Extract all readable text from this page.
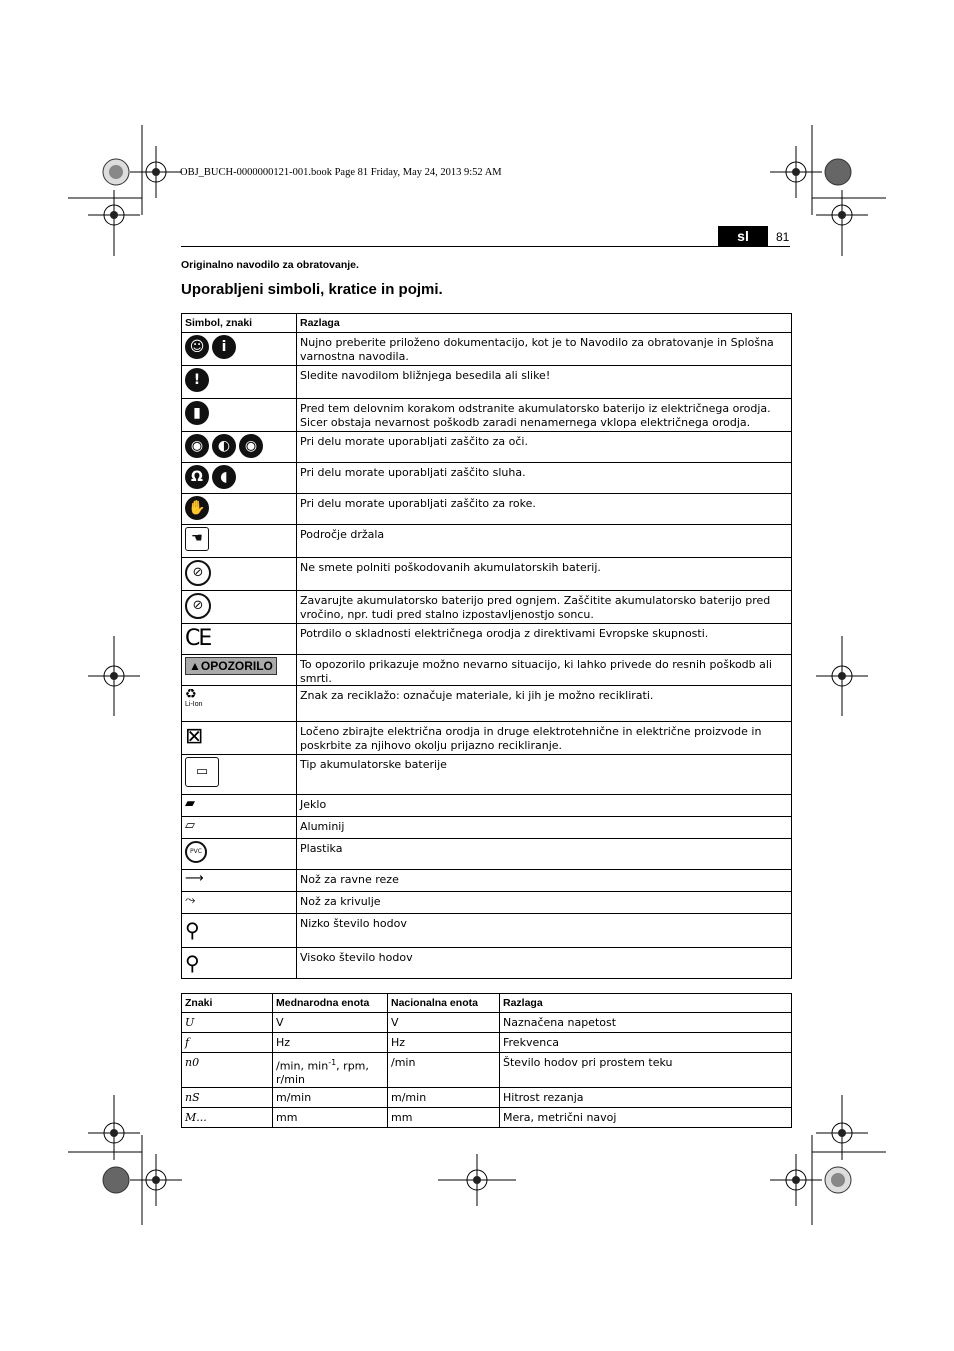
OBJ_BUCH-0000000121-001.book Page 81 Friday, May 24, 2013 9:52 AM
sl	81
Originalno navodilo za obratovanje.
Uporabljeni simboli, kratice in pojmi.
Simbol, znaki	Razlaga

☺ i	Nujno preberite priloženo dokumentacijo, kot je to Navodilo za obratovanje in Splošna varnostna navodila.

!	Sledite navodilom bližnjega besedila ali slike!

▮	Pred tem delovnim korakom odstranite akumulatorsko baterijo iz električnega orodja. Sicer obstaja nevarnost poškodb zaradi nenamernega vklopa električnega orodja.

◉ ◐ ◉	Pri delu morate uporabljati zaščito za oči.

Ω ◖	Pri delu morate uporabljati zaščito sluha.

✋	Pri delu morate uporabljati zaščito za roke.

☚	Področje držala

⊘	Ne smete polniti poškodovanih akumulatorskih baterij.

⊘	Zavarujte akumulatorsko baterijo pred ognjem. Zaščitite akumulatorsko baterijo pred vročino, npr. tudi pred stalno izpostavljenostjo soncu.
CE	Potrdilo o skladnosti električnega orodja z direktivami Evropske skupnosti.
▲OPOZORILO	To opozorilo prikazuje možno nevarno situacijo, ki lahko privede do resnih poškodb ali smrti.

♻
Li-Ion	Znak za reciklažo: označuje materiale, ki jih je možno reciklirati.
⊠	Ločeno zbirajte električna orodja in druge elektrotehnične in električne proizvode in poskrbite za njihovo okolju prijazno recikliranje.

▭	Tip akumulatorske baterije
▰	Jeklo
▱	Aluminij

PVC	Plastika
⟶	Nož za ravne reze
⤳	Nož za krivulje
⚲	Nizko število hodov
⚲	Visoko število hodov
Znaki	Mednarodna enota	Nacionalna enota	Razlaga
U	V	V	Naznačena napetost
f	Hz	Hz	Frekvenca
n0	/min, $\min^{-1}$, rpm, r/min	/min	Število hodov pri prostem teku
nS	m/min	m/min	Hitrost rezanja
M...	mm	mm	Mera, metrični navoj
